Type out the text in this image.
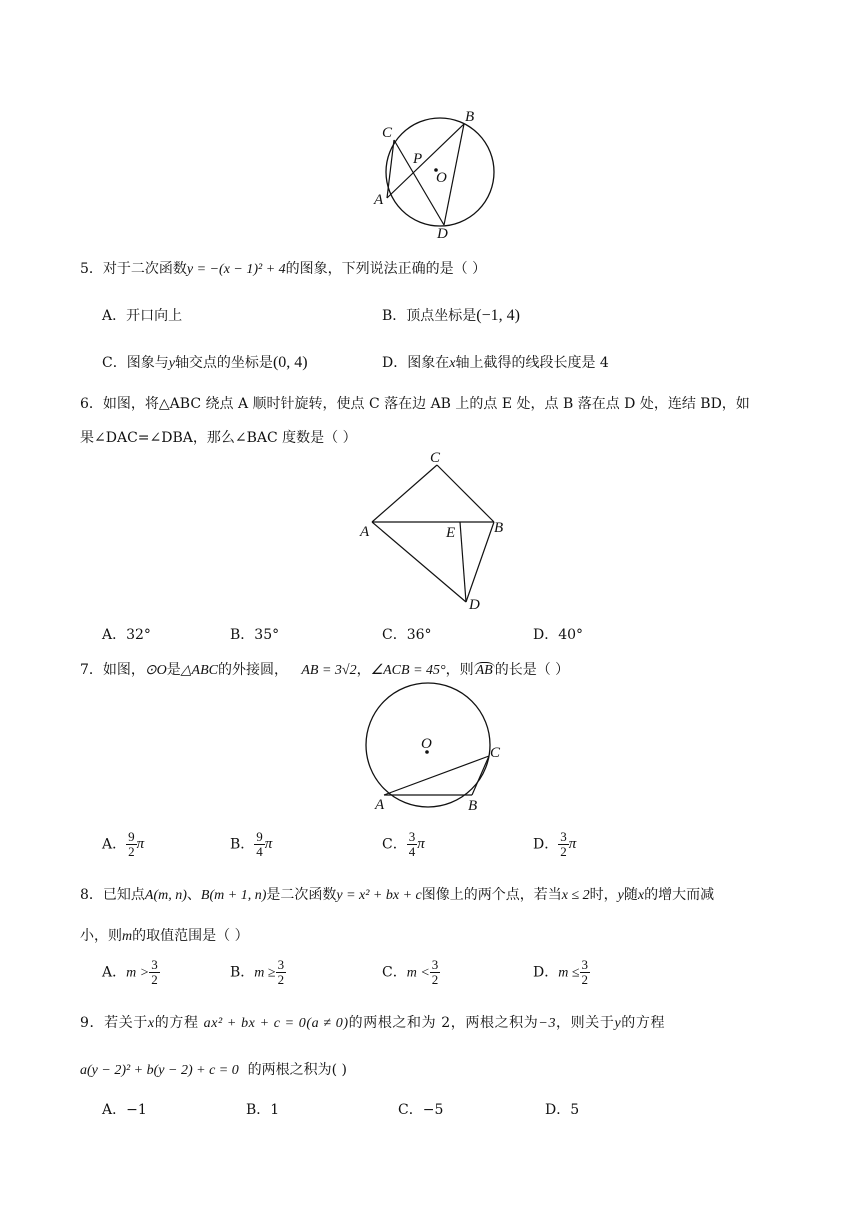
B
C
P
O
A
D
5．对于二次函数y = −(x − 1)² + 4的图象，下列说法正确的是（ ）
A．开口向上	B．顶点坐标是(−1, 4)
C．图象与y轴交点的坐标是(0, 4)	D．图象在x轴上截得的线段长度是 4
6．如图，将△ABC 绕点 A 顺时针旋转，使点 C 落在边 AB 上的点 E 处，点 B 落在点 D 处，连结 BD，如
果∠DAC=∠DBA，那么∠BAC 度数是（ ）
C
A	E	B
D
A．32°	B．35°	C．36°	D．40°
7．如图，⊙O是△ABC的外接圆， AB = 3√2，∠ACB = 45°，则 AB 的长是（ ）
O
C
A	B
A． $\frac{9}{2}$ π	B． $\frac{9}{4}$ π	C． $\frac{3}{4}$ π	D． $\frac{3}{2}$ π
8．已知点A(m, n)、B(m + 1, n)是二次函数y = x² + bx + c图像上的两个点，若当x ≤ 2时，y随x的增大而减
小，则m的取值范围是（ ）
A．$m > \frac{3}{2}$	B．$m \ge \frac{3}{2}$	C．$m < \frac{3}{2}$	D．$m \le \frac{3}{2}$
9．若关于x的方程 ax² + bx + c = 0(a ≠ 0)的两根之和为 2，两根之积为−3，则关于y的方程
a(y − 2)² + b(y − 2) + c = 0 的两根之积为( )
A．−1	B．1	C．−5	D．5
